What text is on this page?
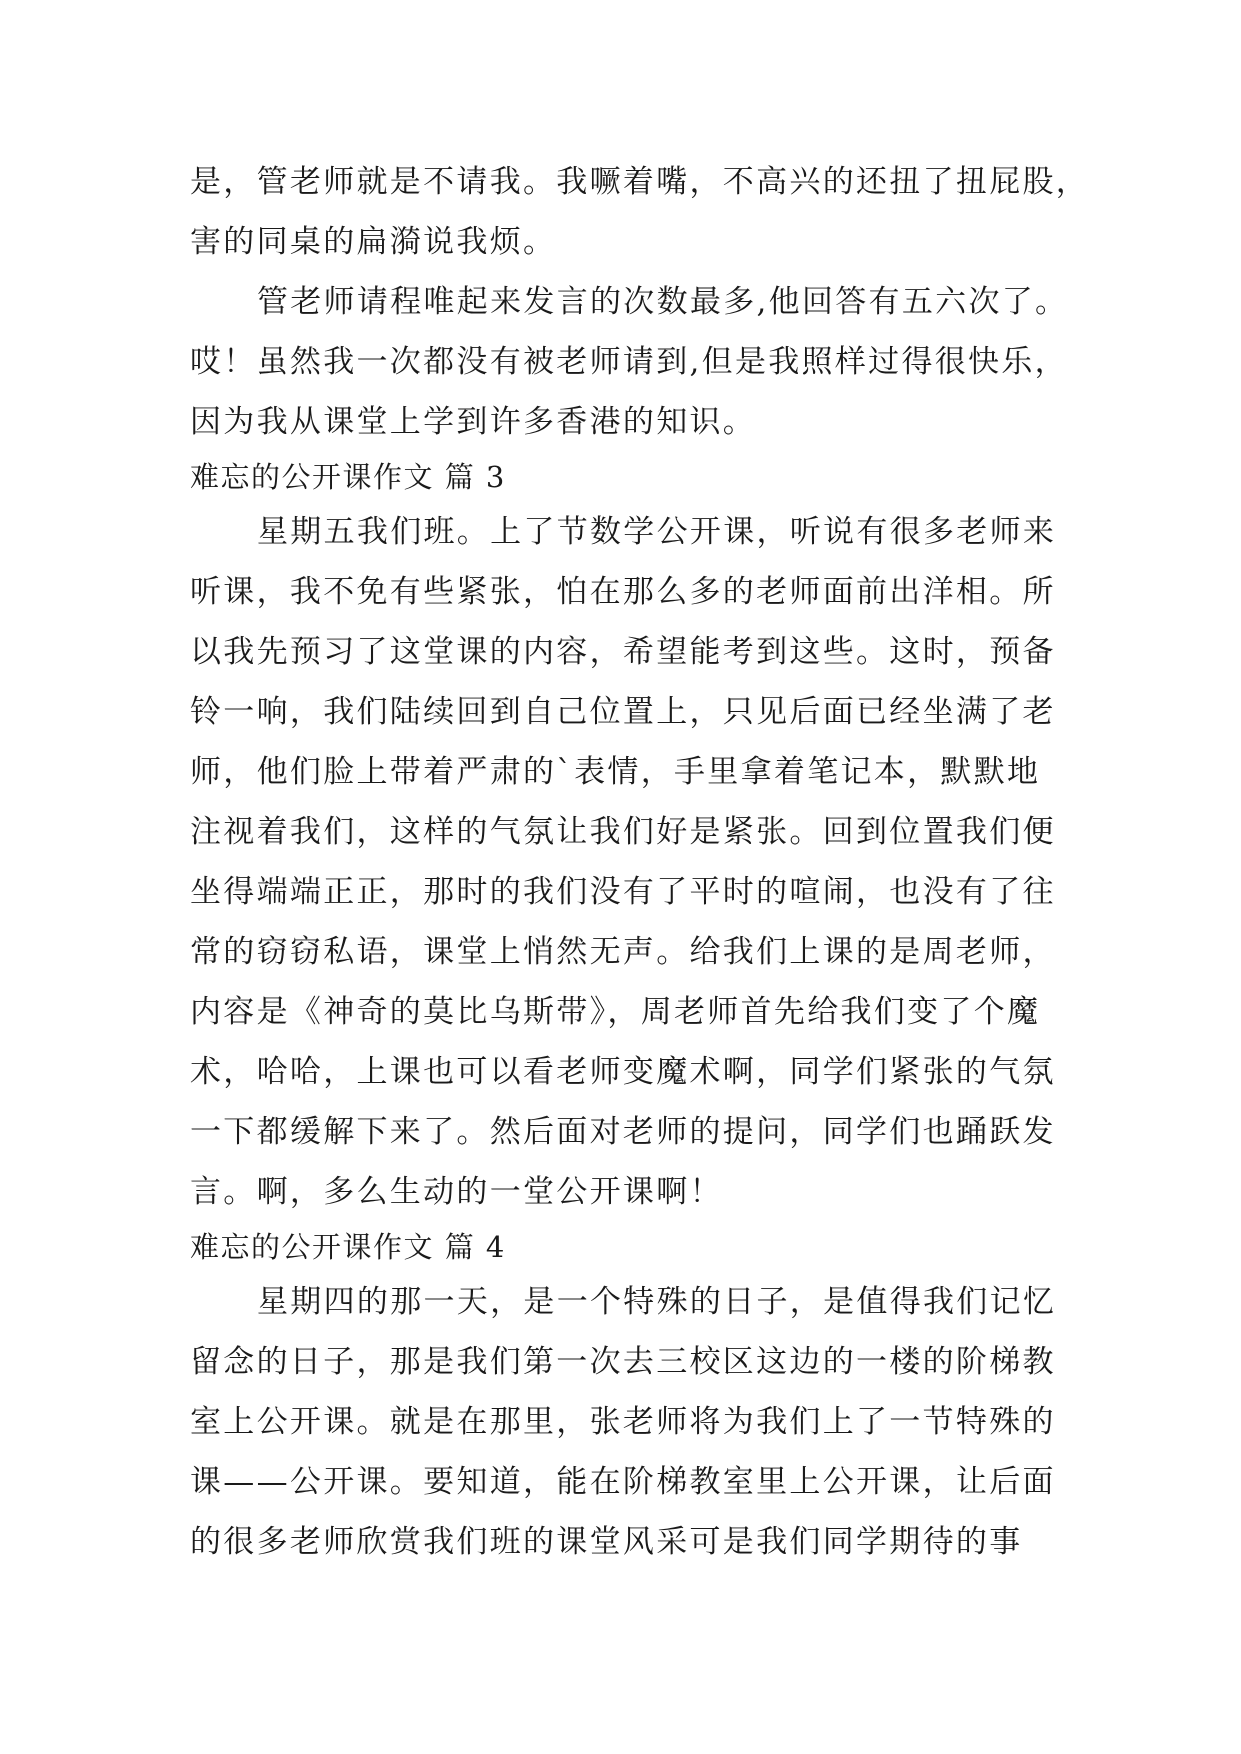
是，管老师就是不请我。我噘着嘴，不高兴的还扭了扭屁股，
害的同桌的扁漪说我烦。
管老师请程唯起来发言的次数最多,他回答有五六次了。
哎！虽然我一次都没有被老师请到,但是我照样过得很快乐，
因为我从课堂上学到许多香港的知识。
难忘的公开课作文 篇 3
星期五我们班。上了节数学公开课，听说有很多老师来
听课，我不免有些紧张，怕在那么多的老师面前出洋相。所
以我先预习了这堂课的内容，希望能考到这些。这时，预备
铃一响，我们陆续回到自己位置上，只见后面已经坐满了老
师，他们脸上带着严肃的`表情，手里拿着笔记本，默默地
注视着我们，这样的气氛让我们好是紧张。回到位置我们便
坐得端端正正，那时的我们没有了平时的喧闹，也没有了往
常的窃窃私语，课堂上悄然无声。给我们上课的是周老师，
内容是《神奇的莫比乌斯带》，周老师首先给我们变了个魔
术，哈哈，上课也可以看老师变魔术啊，同学们紧张的气氛
一下都缓解下来了。然后面对老师的提问，同学们也踊跃发
言。啊，多么生动的一堂公开课啊！
难忘的公开课作文 篇 4
星期四的那一天，是一个特殊的日子，是值得我们记忆
留念的日子，那是我们第一次去三校区这边的一楼的阶梯教
室上公开课。就是在那里，张老师将为我们上了一节特殊的
课——公开课。要知道，能在阶梯教室里上公开课，让后面
的很多老师欣赏我们班的课堂风采可是我们同学期待的事
